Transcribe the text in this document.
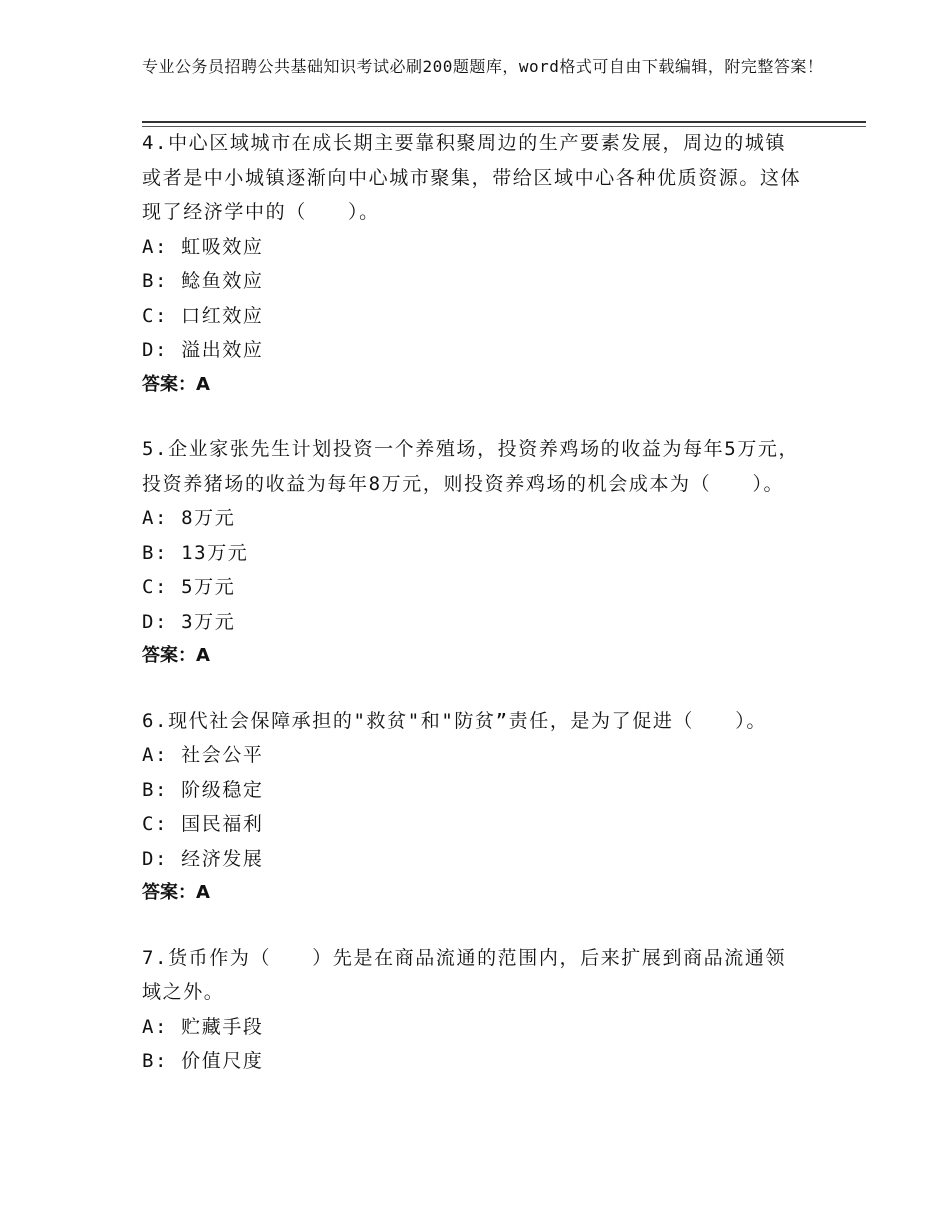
专业公务员招聘公共基础知识考试必刷200题题库，word格式可自由下载编辑，附完整答案！

4.中心区域城市在成长期主要靠积聚周边的生产要素发展，周边的城镇或者是中小城镇逐渐向中心城市聚集，带给区域中心各种优质资源。这体现了经济学中的（　　）。

A: 虹吸效应

B: 鲶鱼效应

C: 口红效应

D: 溢出效应

答案：A

5.企业家张先生计划投资一个养殖场，投资养鸡场的收益为每年5万元，投资养猪场的收益为每年8万元，则投资养鸡场的机会成本为（　　）。

A: 8万元

B: 13万元

C: 5万元

D: 3万元

答案：A

6.现代社会保障承担的"救贫"和"防贫”责任，是为了促进（　　）。

A: 社会公平

B: 阶级稳定

C: 国民福利

D: 经济发展

答案：A

7.货币作为（　　）先是在商品流通的范围内，后来扩展到商品流通领域之外。

A: 贮藏手段

B: 价值尺度
